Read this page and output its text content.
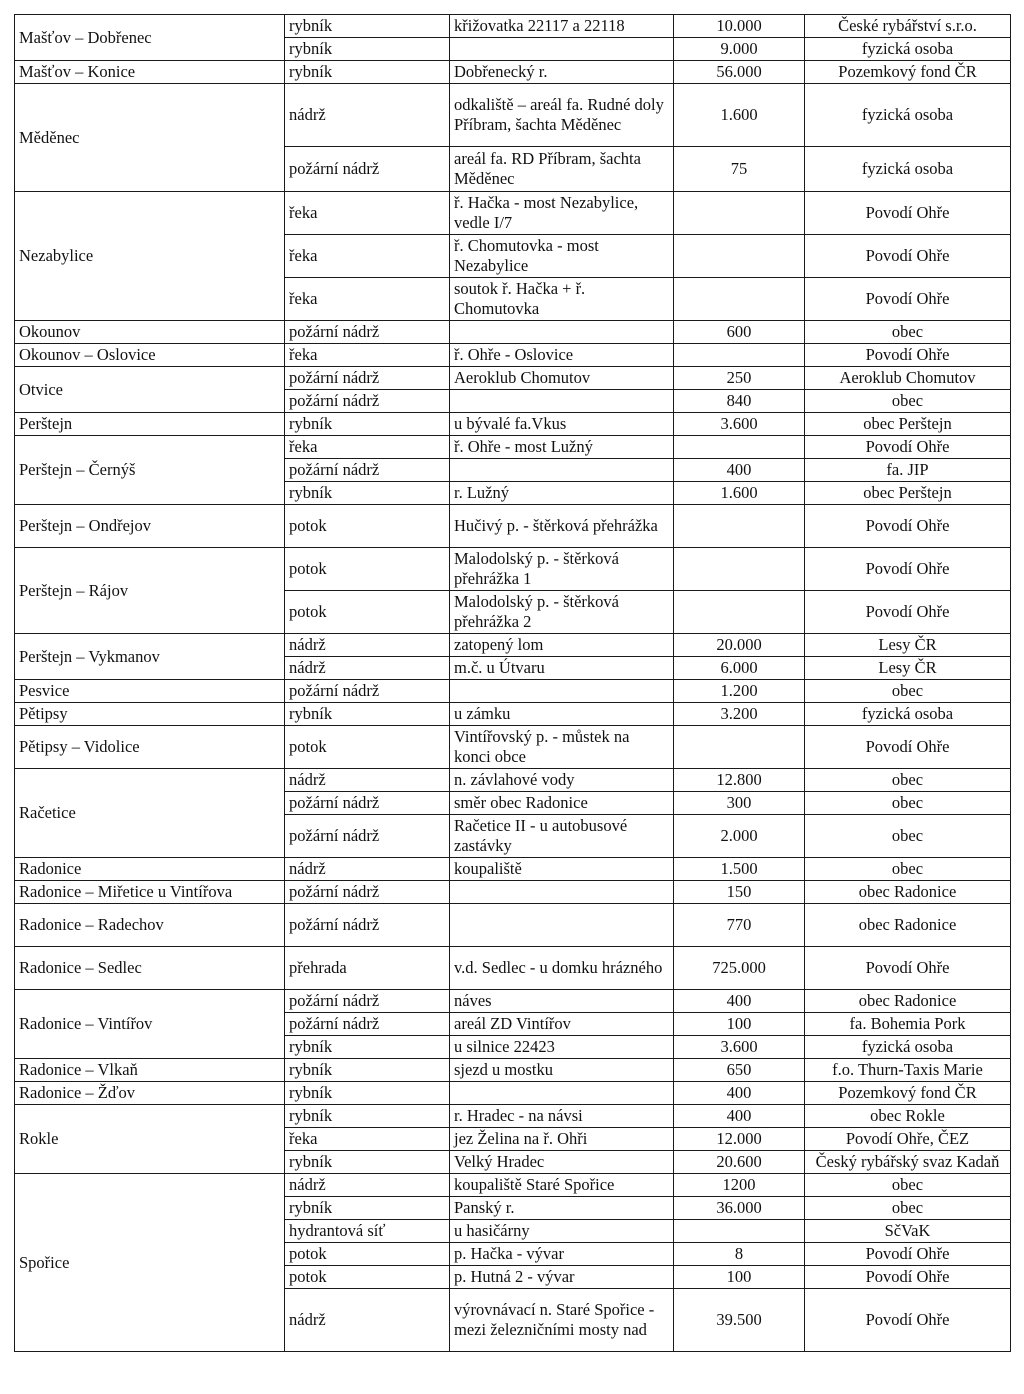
Mašťov – Dobřenec	rybník	křižovatka 22117 a 22118	10.000	České rybářství s.r.o.
	rybník		9.000	fyzická osoba
Mašťov – Konice	rybník	Dobřenecký r.	56.000	Pozemkový fond ČR
Měděnec	nádrž	odkaliště – areál fa. Rudné doly Příbram, šachta Měděnec	1.600	fyzická osoba
	požární nádrž	areál fa. RD Příbram, šachta Měděnec	75	fyzická osoba
Nezabylice	řeka	ř. Hačka - most Nezabylice, vedle I/7		Povodí Ohře
	řeka	ř. Chomutovka - most Nezabylice		Povodí Ohře
	řeka	soutok ř. Hačka + ř. Chomutovka		Povodí Ohře
Okounov	požární nádrž		600	obec
Okounov – Oslovice	řeka	ř. Ohře - Oslovice		Povodí Ohře
Otvice	požární nádrž	Aeroklub Chomutov	250	Aeroklub Chomutov
	požární nádrž		840	obec
Perštejn	rybník	u bývalé fa.Vkus	3.600	obec Perštejn
Perštejn – Černýš	řeka	ř. Ohře - most Lužný		Povodí Ohře
	požární nádrž		400	fa. JIP
	rybník	r. Lužný	1.600	obec Perštejn
Perštejn – Ondřejov	potok	Hučivý p. - štěrková přehrážka		Povodí Ohře
Perštejn – Rájov	potok	Malodolský p. - štěrková přehrážka 1		Povodí Ohře
	potok	Malodolský p. - štěrková přehrážka 2		Povodí Ohře
Perštejn – Vykmanov	nádrž	zatopený lom	20.000	Lesy ČR
	nádrž	m.č. u Útvaru	6.000	Lesy ČR
Pesvice	požární nádrž		1.200	obec
Pětipsy	rybník	u zámku	3.200	fyzická osoba
Pětipsy – Vidolice	potok	Vintířovský p. - můstek na konci obce		Povodí Ohře
Račetice	nádrž	n. závlahové vody	12.800	obec
	požární nádrž	směr obec Radonice	300	obec
	požární nádrž	Račetice II - u autobusové zastávky	2.000	obec
Radonice	nádrž	koupaliště	1.500	obec
Radonice – Miřetice u Vintířova	požární nádrž		150	obec Radonice
Radonice – Radechov	požární nádrž		770	obec Radonice
Radonice – Sedlec	přehrada	v.d. Sedlec - u domku hrázného	725.000	Povodí Ohře
Radonice – Vintířov	požární nádrž	náves	400	obec Radonice
	požární nádrž	areál ZD Vintířov	100	fa. Bohemia Pork
	rybník	u silnice 22423	3.600	fyzická osoba
Radonice – Vlkaň	rybník	sjezd u mostku	650	f.o. Thurn-Taxis Marie
Radonice – Žďov	rybník		400	Pozemkový fond ČR
Rokle	rybník	r. Hradec - na návsi	400	obec Rokle
	řeka	jez Želina na ř. Ohři	12.000	Povodí Ohře, ČEZ
	rybník	Velký Hradec	20.600	Český rybářský svaz Kadaň
Spořice	nádrž	koupaliště Staré Spořice	1200	obec
	rybník	Panský r.	36.000	obec
	hydrantová síť	u hasičárny		SčVaK
	potok	p. Hačka - vývar	8	Povodí Ohře
	potok	p. Hutná 2 - vývar	100	Povodí Ohře
	nádrž	výrovnávací n. Staré Spořice - mezi železničními mosty nad	39.500	Povodí Ohře
